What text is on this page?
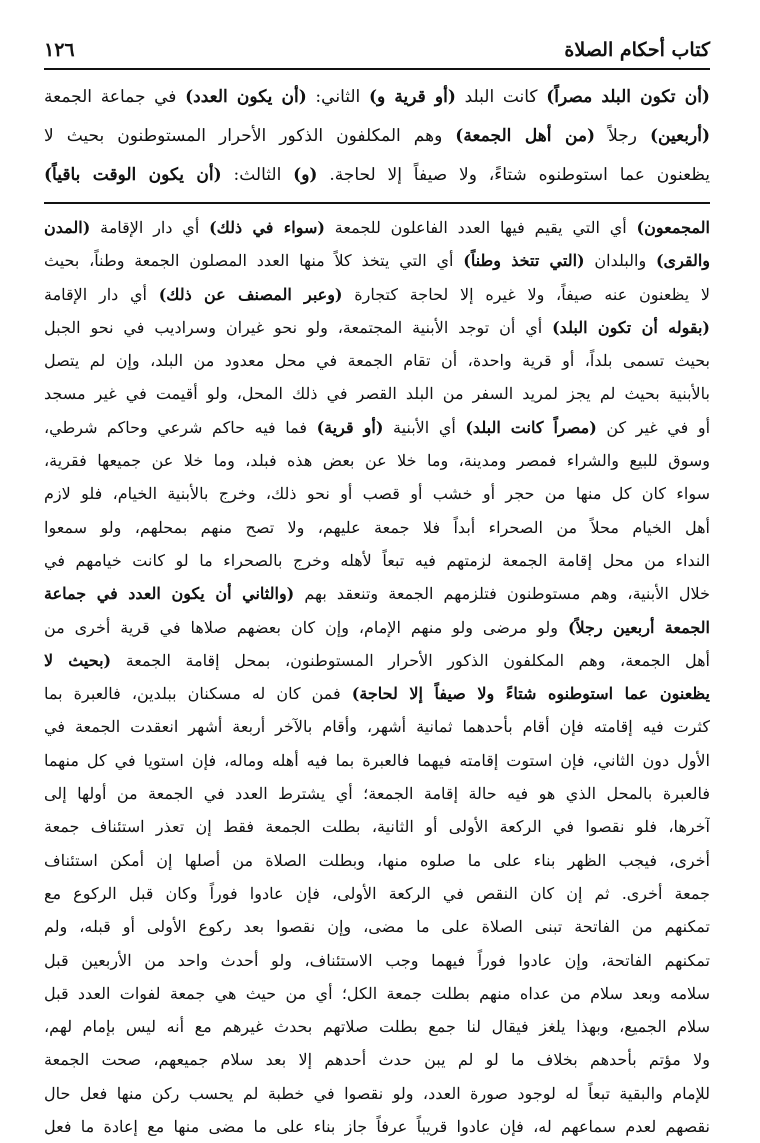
كتاب أحكام الصلاة
١٢٦
(أن تكون البلد مصراً) كانت البلد (أو قرية و) الثاني: (أن يكون العدد) في جماعة الجمعة
(أربعين) رجلاً (من أهل الجمعة) وهم المكلفون الذكور الأحرار المستوطنون بحيث لا
يظعنون عما استوطنوه شتاءً، ولا صيفاً إلا لحاجة. (و) الثالث: (أن يكون الوقت باقياً)
المجمعون) أي التي يقيم فيها العدد الفاعلون للجمعة (سواء في ذلك) أي دار الإقامة (المدن
والقرى) والبلدان (التي تتخذ وطناً) أي التي يتخذ كلاً منها العدد المصلون الجمعة وطناً، بحيث
لا يظعنون عنه صيفاً، ولا غيره إلا لحاجة كتجارة (وعبر المصنف عن ذلك) أي دار الإقامة
(بقوله أن تكون البلد) أي أن توجد الأبنية المجتمعة، ولو نحو غيران وسراديب في نحو الجبل
بحيث تسمى بلداً، أو قرية واحدة، أن تقام الجمعة في محل معدود من البلد، وإن لم يتصل
بالأبنية بحيث لم يجز لمريد السفر من البلد القصر في ذلك المحل، ولو أقيمت في غير مسجد
أو في غير كن (مصراً كانت البلد) أي الأبنية (أو قرية) فما فيه حاكم شرعي وحاكم شرطي،
وسوق للبيع والشراء فمصر ومدينة، وما خلا عن بعض هذه فبلد، وما خلا عن جميعها فقرية،
سواء كان كل منها من حجر أو خشب أو قصب أو نحو ذلك، وخرج بالأبنية الخيام، فلو لازم
أهل الخيام محلاً من الصحراء أبداً فلا جمعة عليهم، ولا تصح منهم بمحلهم، ولو سمعوا
النداء من محل إقامة الجمعة لزمتهم فيه تبعاً لأهله وخرج بالصحراء ما لو كانت خيامهم في
خلال الأبنية، وهم مستوطنون فتلزمهم الجمعة وتنعقد بهم (والثاني أن يكون العدد في جماعة
الجمعة أربعين رجلاً) ولو مرضى ولو منهم الإمام، وإن كان بعضهم صلاها في قرية أخرى من
أهل الجمعة، وهم المكلفون الذكور الأحرار المستوطنون، بمحل إقامة الجمعة (بحيث لا
يظعنون عما استوطنوه شتاءً ولا صيفاً إلا لحاجة) فمن كان له مسكنان ببلدين، فالعبرة بما
كثرت فيه إقامته فإن أقام بأحدهما ثمانية أشهر، وأقام بالآخر أربعة أشهر انعقدت الجمعة في
الأول دون الثاني، فإن استوت إقامته فيهما فالعبرة بما فيه أهله وماله، فإن استويا في كل منهما
فالعبرة بالمحل الذي هو فيه حالة إقامة الجمعة؛ أي يشترط العدد في الجمعة من أولها إلى
آخرها، فلو نقصوا في الركعة الأولى أو الثانية، بطلت الجمعة فقط إن تعذر استئناف جمعة
أخرى، فيجب الظهر بناء على ما صلوه منها، وبطلت الصلاة من أصلها إن أمكن استئناف
جمعة أخرى. ثم إن كان النقص في الركعة الأولى، فإن عادوا فوراً وكان قبل الركوع مع
تمكنهم من الفاتحة تبنى الصلاة على ما مضى، وإن نقصوا بعد ركوع الأولى أو قبله، ولم
تمكنهم الفاتحة، وإن عادوا فوراً فيهما وجب الاستئناف، ولو أحدث واحد من الأربعين قبل
سلامه وبعد سلام من عداه منهم بطلت جمعة الكل؛ أي من حيث هي جمعة لفوات العدد قبل
سلام الجميع، وبهذا يلغز فيقال لنا جمع بطلت صلاتهم بحدث غيرهم مع أنه ليس بإمام لهم،
ولا مؤتم بأحدهم بخلاف ما لو لم يبن حدث أحدهم إلا بعد سلام جميعهم، صحت الجمعة
للإمام والبقية تبعاً له لوجود صورة العدد، ولو نقصوا في خطبة لم يحسب ركن منها فعل حال
نقصهم لعدم سماعهم له، فإن عادوا قريباً عرفاً جاز بناء على ما مضى منها مع إعادة ما فعل
